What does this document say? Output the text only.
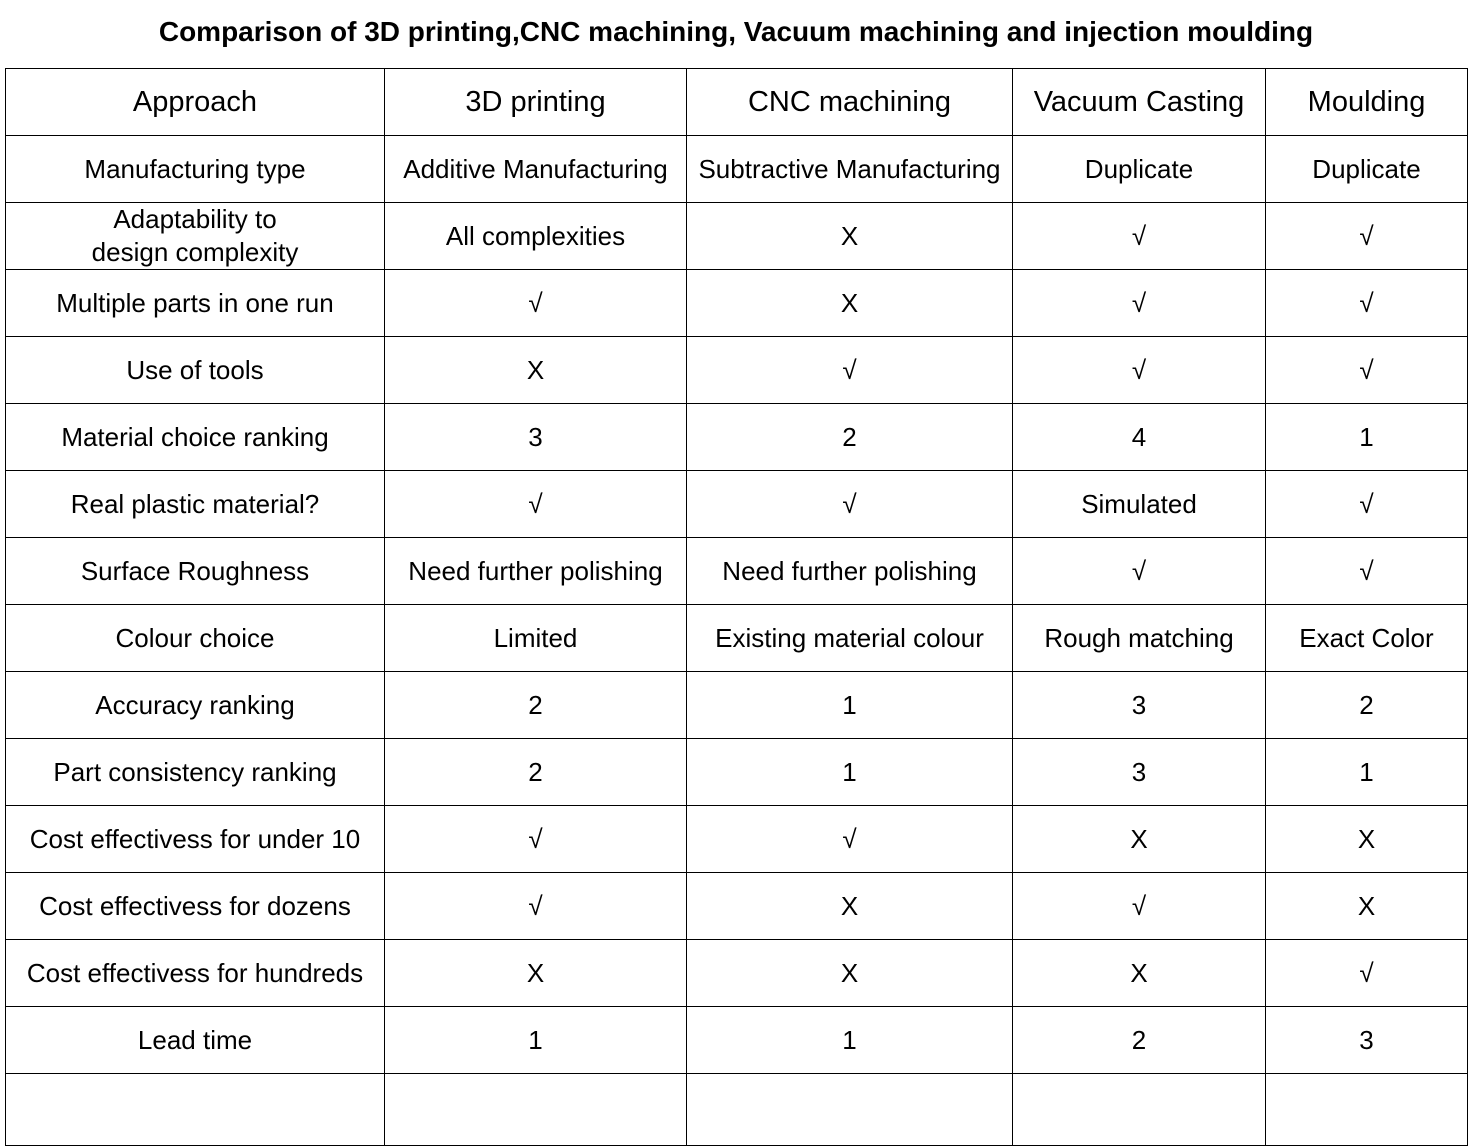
Comparison of 3D printing,CNC machining, Vacuum machining and injection moulding
Approach	3D printing	CNC machining	Vacuum Casting	Moulding
Manufacturing type	Additive Manufacturing	Subtractive Manufacturing	Duplicate	Duplicate
Adaptability to
design complexity	All complexities	X	√	√
Multiple parts in one run	√	X	√	√
Use of tools	X	√	√	√
Material choice ranking	3	2	4	1
Real plastic material?	√	√	Simulated	√
Surface Roughness	Need further polishing	Need further polishing	√	√
Colour choice	Limited	Existing material colour	Rough matching	Exact Color
Accuracy ranking	2	1	3	2
Part consistency ranking	2	1	3	1
Cost effectivess for under 10	√	√	X	X
Cost effectivess for dozens	√	X	√	X
Cost effectivess for hundreds	X	X	X	√
Lead time	1	1	2	3
